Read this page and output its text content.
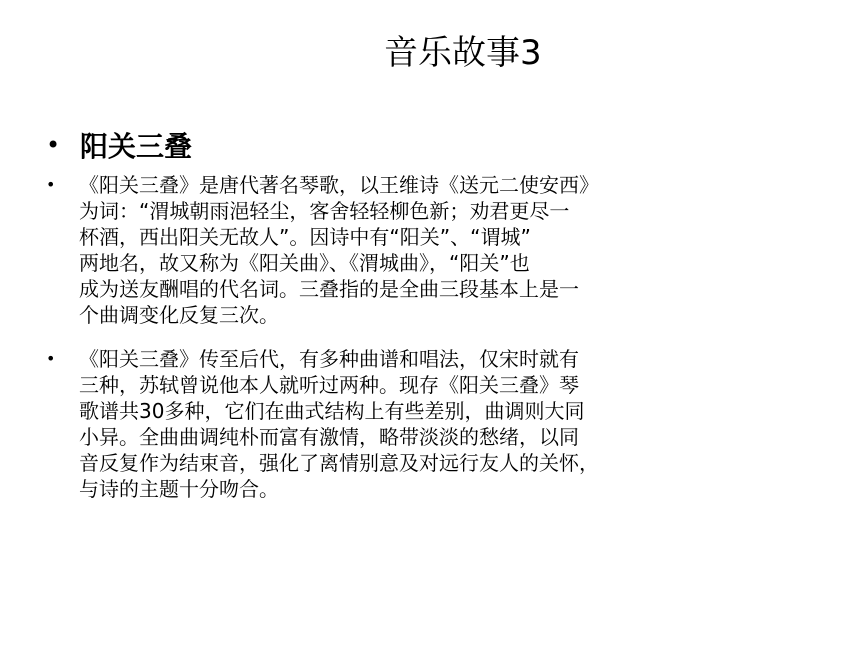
音乐故事3
• 阳关三叠
• 《阳关三叠》是唐代著名琴歌，以王维诗《送元二使安西》
为词：“渭城朝雨浥轻尘，客舍轻轻柳色新；劝君更尽一
杯酒，西出阳关无故人”。因诗中有“阳关”、“谓城”
两地名，故又称为《阳关曲》、《渭城曲》，“阳关”也
成为送友酬唱的代名词。三叠指的是全曲三段基本上是一
个曲调变化反复三次。
• 《阳关三叠》传至后代，有多种曲谱和唱法，仅宋时就有
三种，苏轼曾说他本人就听过两种。现存《阳关三叠》琴
歌谱共30多种，它们在曲式结构上有些差别，曲调则大同
小异。全曲曲调纯朴而富有激情，略带淡淡的愁绪，以同
音反复作为结束音，强化了离情别意及对远行友人的关怀，
与诗的主题十分吻合。
